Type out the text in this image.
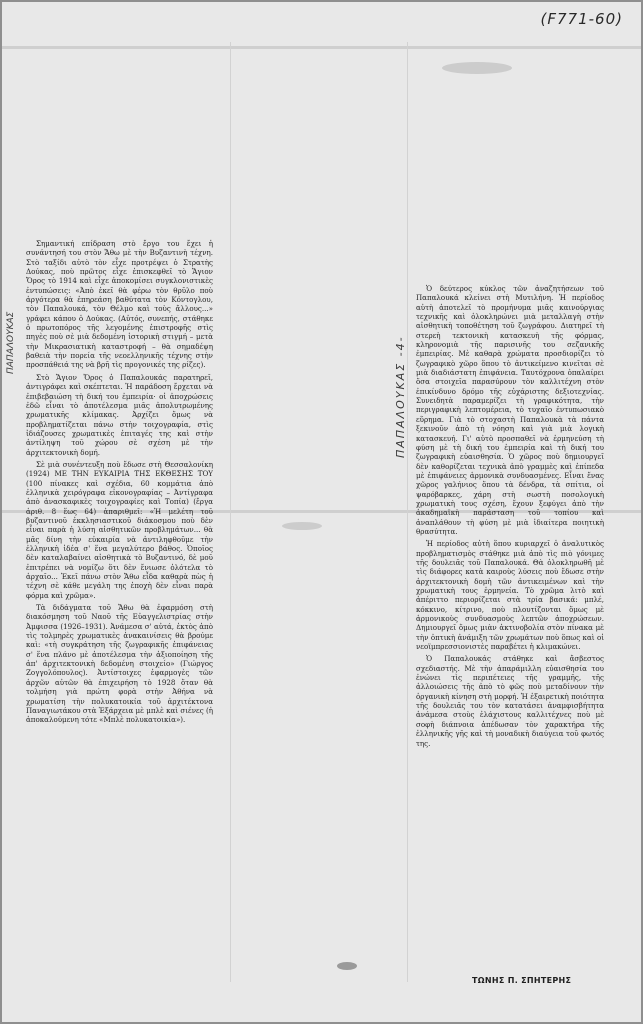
(F771-60)
ΠΑΠΑΛΟΥΚΑΣ -4-
ΠΑΠΑΛΟΥΚΑΣ

Σημαντική επίδραση στὸ ἔργο του ἔχει ἡ συνάντησή του στὸν Ἄθω μὲ τὴν Βυζαντινὴ τέχνη. Στὸ ταξίδι αὐτὸ τὸν εἶχε προτρέψει ὁ Στρατὴς Δούκας, ποὺ πρῶτος εἶχε ἐπισκεφθεῖ τὸ Ἅγιον Ὄρος τὸ 1914 καὶ εἶχε ἀποκομίσει συγκλονιστικὲς ἐντυπώσεις: «Ἀπὸ ἐκεῖ θὰ φέρω τὸν θρῦλο ποὺ ἀργότερα θὰ ἐπηρεάση βαθύτατα τὸν Κόντογλου, τὸν Παπαλουκά, τὸν Θέλμο καὶ τοὺς ἄλλους...» γράφει κάπου ὁ Δούκας. (Αὐτός, συνεπής, στάθηκε ὁ πρωτοπόρος τῆς λεγομένης ἐπιστροφῆς στὶς πηγὲς ποὺ σὲ μιὰ δεδομένη ἱστορικὴ στιγμή – μετὰ τὴν Μικρασιατικὴ καταστροφή – θὰ σημαδέψη βαθειὰ τὴν πορεία τῆς νεοελληνικῆς τέχνης στὴν προσπάθειά της νὰ βρῆ τὶς προγονικές της ρίζες).

Στὸ Ἅγιον Ὄρος ὁ Παπαλουκάς παρατηρεῖ, ἀντιγράφει καὶ σκέπτεται. Ἡ παράδοση ἔρχεται νὰ ἐπιβεβαιώση τὴ δική του ἐμπειρία· οἱ ἀποχρώσεις ἐδῶ εἶναι τὸ ἀποτέλεσμα μιᾶς ἀπολυτρωμένης χρωματικῆς κλίμακας. Ἀρχίζει ὅμως νὰ προβληματίζεται πάνω στὴν τοιχογραφία, στὶς ἰδιάζουσες χρωματικὲς ἐπιταγές της καὶ στὴν ἀντίληψη τοῦ χώρου σὲ σχέση μὲ τὴν ἀρχιτεκτονικὴ δομή.

Σὲ μιὰ συνέντευξη ποὺ ἔδωσε στὴ Θεσσαλονίκη (1924) ΜΕ ΤΗΝ ΕΥΚΑΙΡΙΑ ΤΗΣ ΕΚΘΕΣΗΣ ΤΟΥ (100 πίνακες καὶ σχέδια, 60 κομμάτια ἀπὸ ἐλληνικὰ χειρόγραφα εἰκονογραφίας – Ἀντίγραφα ἀπὸ ἀνασκαφικὲς τοιχογραφίες καὶ Τοπία) (ἔργα ἀριθ. 8 ἕως 64) ἀπαριθμεῖ: «Ἡ μελέτη τοῦ βυζαντινοῦ ἐκκλησιαστικοῦ διάκοσμου ποὺ δὲν εἶναι παρὰ ἡ λύση αἰσθητικῶν προβλημάτων... θὰ μᾶς δίνη τὴν εὐκαιρία νὰ ἀντιληφθοῦμε τὴν ἐλληνικὴ ἰδέα σ' ἕνα μεγαλύτερο βάθος. Ὁποῖος δὲν καταλαβαίνει αἰσθητικὰ τὸ Βυζαντινό, δὲ μοῦ ἐπιτρέπει νὰ νομίζω ὅτι δὲν ἔνιωσε ὁλότελα τὸ ἀρχαῖο... Ἐκεῖ πάνω στὸν Ἄθω εἶδα καθαρὰ πὼς ἡ τέχνη σὲ κάθε μεγάλη της ἐποχὴ δὲν εἶναι παρὰ φόρμα καὶ χρῶμα».

Τὰ διδάγματα τοῦ Ἄθω θὰ ἐφαρμόση στὴ διακόσμηση τοῦ Ναοῦ τῆς Εὐαγγελιστρίας στὴν Ἀμφισσα (1926–1931). Ἀνάμεσα σ' αὐτά, ἐκτὸς ἀπὸ τὶς τολμηρὲς χρωματικὲς ἀνακαινίσεις θὰ βρούμε καὶ: «τὴ συγκράτηση τῆς ζωγραφικῆς ἐπιφάνειας σ' ἕνα πλάνο μὲ ἀποτέλεσμα τὴν ἀξιοποίηση τῆς ἀπ' ἀρχιτεκτονικὴ δεδομένη στοιχείο» (Γιώργος Ζογγολόπουλος). Ἀντίστοιχες ἐφαρμογὲς τῶν ἀρχῶν αὐτῶν θὰ ἐπιχειρήση τὸ 1928 ὅταν θὰ τολμήση γιὰ πρώτη φορὰ στὴν Ἀθήνα νὰ χρωματίση τὴν πολυκατοικία τοῦ ἀρχιτέκτονα Παναγιωτάκου στὰ Ἐξάρχεια μὲ μπλὲ καὶ σιένες (ἡ ἀποκαλούμενη τότε «Μπλὲ πολυκατοικία»).

Ὁ δεύτερος κύκλος τῶν ἀναζητήσεων τοῦ Παπαλουκά κλείνει στὴ Μυτιλήνη. Ἡ περίοδος αὐτὴ ἀποτελεῖ τὸ προμήνυμα μιᾶς καινούργιας τεχνικῆς καὶ ὁλοκληρώνει μιὰ μεταλλαγὴ στὴν αἰσθητικὴ τοποθέτηση τοῦ ζωγράφου. Διατηρεῖ τὴ στερεὴ τεκτονικὴ κατασκευὴ τῆς φόρμας, κληρονομιὰ τῆς παρισινῆς του σεζανικῆς ἐμπειρίας. Μὲ καθαρὰ χρώματα προσδιορίζει τὸ ζωγραφικὸ χῶρο ὅπου τὸ ἀντικείμενο κινεῖται σὲ μιὰ διαδιάστατη ἐπιφάνεια. Ταυτόχρονα ὀπαλαίρει ὅσα στοιχεῖα παρασύρουν τὸν καλλιτέχνη στὸν ἐπικίνδυνο δρόμο τῆς εὐχάριστης δεξιοτεχνίας. Συνειδητὰ παραμερίζει τὴ γραφικότητα, τὴν περιγραφικὴ λεπτομέρεια, τὸ τυχαῖο ἐντυπωσιακὸ εὕρημα. Γιὰ τὸ στοχαστὴ Παπαλουκὰ τὰ πάντα ξεκινοῦν ἀπὸ τὴ νόηση καὶ γιὰ μιὰ λογικὴ κατασκευή. Γι' αὐτὸ προσπαθεῖ νὰ ἐρμηνεύση τὴ φύση μὲ τὴ δική του ἐμπειρία καὶ τὴ δική του ζωγραφικὴ εὐαισθησία. Ὁ χῶρος ποὺ δημιουργεῖ δὲν καθορίζεται τεχνικὰ ἀπὸ γραμμὲς καὶ ἐπίπεδα μὲ ἐπιφάνειες ἁρμονικὰ συνδυασμένες. Εἶναι ἕνας χῶρος γαλήνιος ὅπου τὰ δένδρα, τὰ σπίτια, οἱ ψαρόβαρκες, χάρη στὴ σωστὴ ποσολογικὴ χρωματικὴ τους σχέση, ἔχουν ξεφύγει ἀπὸ τὴν ἀκαδημαϊκὴ παράσταση τοῦ τοπίου καὶ ἀναπλάθουν τὴ φύση μὲ μιὰ ἰδιαίτερα ποιητικὴ θρασύτητα.

Ἡ περίοδος αὐτὴ ὅπου κυριαρχεῖ ὁ ἀναλυτικὸς προβληματισμὸς στάθηκε μιὰ ἀπὸ τὶς πιὸ γόνιμες τῆς δουλειᾶς τοῦ Παπαλουκά. Θὰ ὁλοκληρωθῆ μὲ τὶς διάφορες κατὰ καιροὺς λύσεις ποὺ ἔδωσε στὴν ἀρχιτεκτονικὴ δομὴ τῶν ἀντικειμένων καὶ τὴν χρωματικὴ τους ἑρμηνεία. Τὸ χρῶμα λιτὸ καὶ ἀπέριττο περιορίζεται στὰ τρία βασικά: μπλέ, κόκκινο, κίτρινο, ποὺ πλουτίζονται ὅμως μὲ ἁρμονικοὺς συνδυασμοὺς λεπτῶν ἀποχρώσεων. Δημιουργεῖ ὅμως μιὰν ἀκτινοβολία στὸν πίνακα μὲ τὴν ὀπτικὴ ἀνάμιξη τῶν χρωμάτων ποὺ ὅπως καὶ οἱ νεοϊμπρεσσιονιστὲς παραβέτει ἡ κλιμακώνει.

Ὁ Παπαλουκάς στάθηκε καὶ ἄσβεστος σχεδιαστής. Μὲ τὴν ἀπαράμιλλη εὐαισθησία του ἐνώνει τὶς περιπέτειες τῆς γραμμῆς, τῆς ἀλλοιώσεις τῆς ἀπὸ τὸ φῶς ποὺ μεταδίνουν τὴν ὀργανικὴ κίνηση στὴ μορφή. Ἡ ἐξαιρετικὴ ποιότητα τῆς δουλειᾶς του τὸν κατατάσει ἀναμφισβήτητα ἀνάμεσα στοὺς ἐλάχιστους καλλιτέχνες ποὺ μὲ σοφὴ διάπνοια ἀπέδωσαν τὸν χαρακτήρα τῆς ἑλληνικῆς γῆς καὶ τὴ μοναδικὴ διαύγεια τοῦ φωτός της.

ΤΩΝΗΣ Π. ΣΠΗΤΕΡΗΣ
